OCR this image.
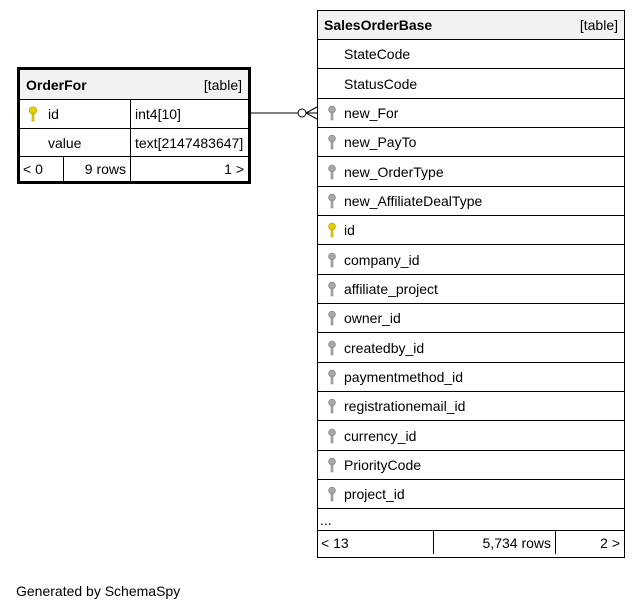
OrderFor	[table]
id	int4[10]
value	text[2147483647]
< 0	9 rows	1 >
SalesOrderBase	[table]
StateCode
StatusCode
new_For
new_PayTo
new_OrderType
new_AffiliateDealType
id
company_id
affiliate_project
owner_id
createdby_id
paymentmethod_id
registrationemail_id
currency_id
PriorityCode
project_id
...
< 13	5,734 rows	2 >
Generated by SchemaSpy
